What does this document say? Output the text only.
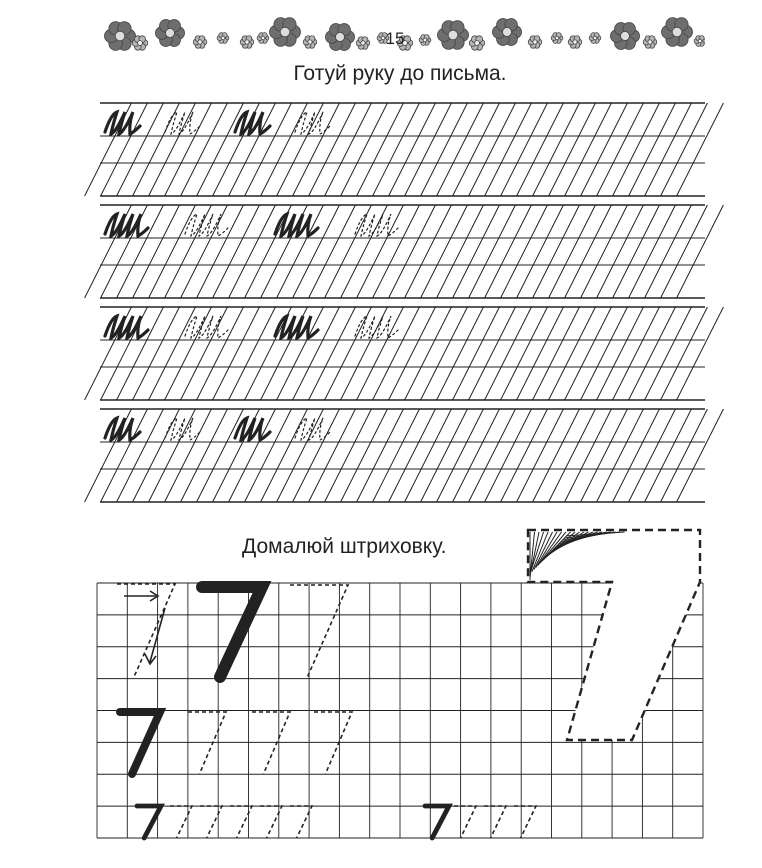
15
Готуй руку до письма.
Домалюй штриховку.
